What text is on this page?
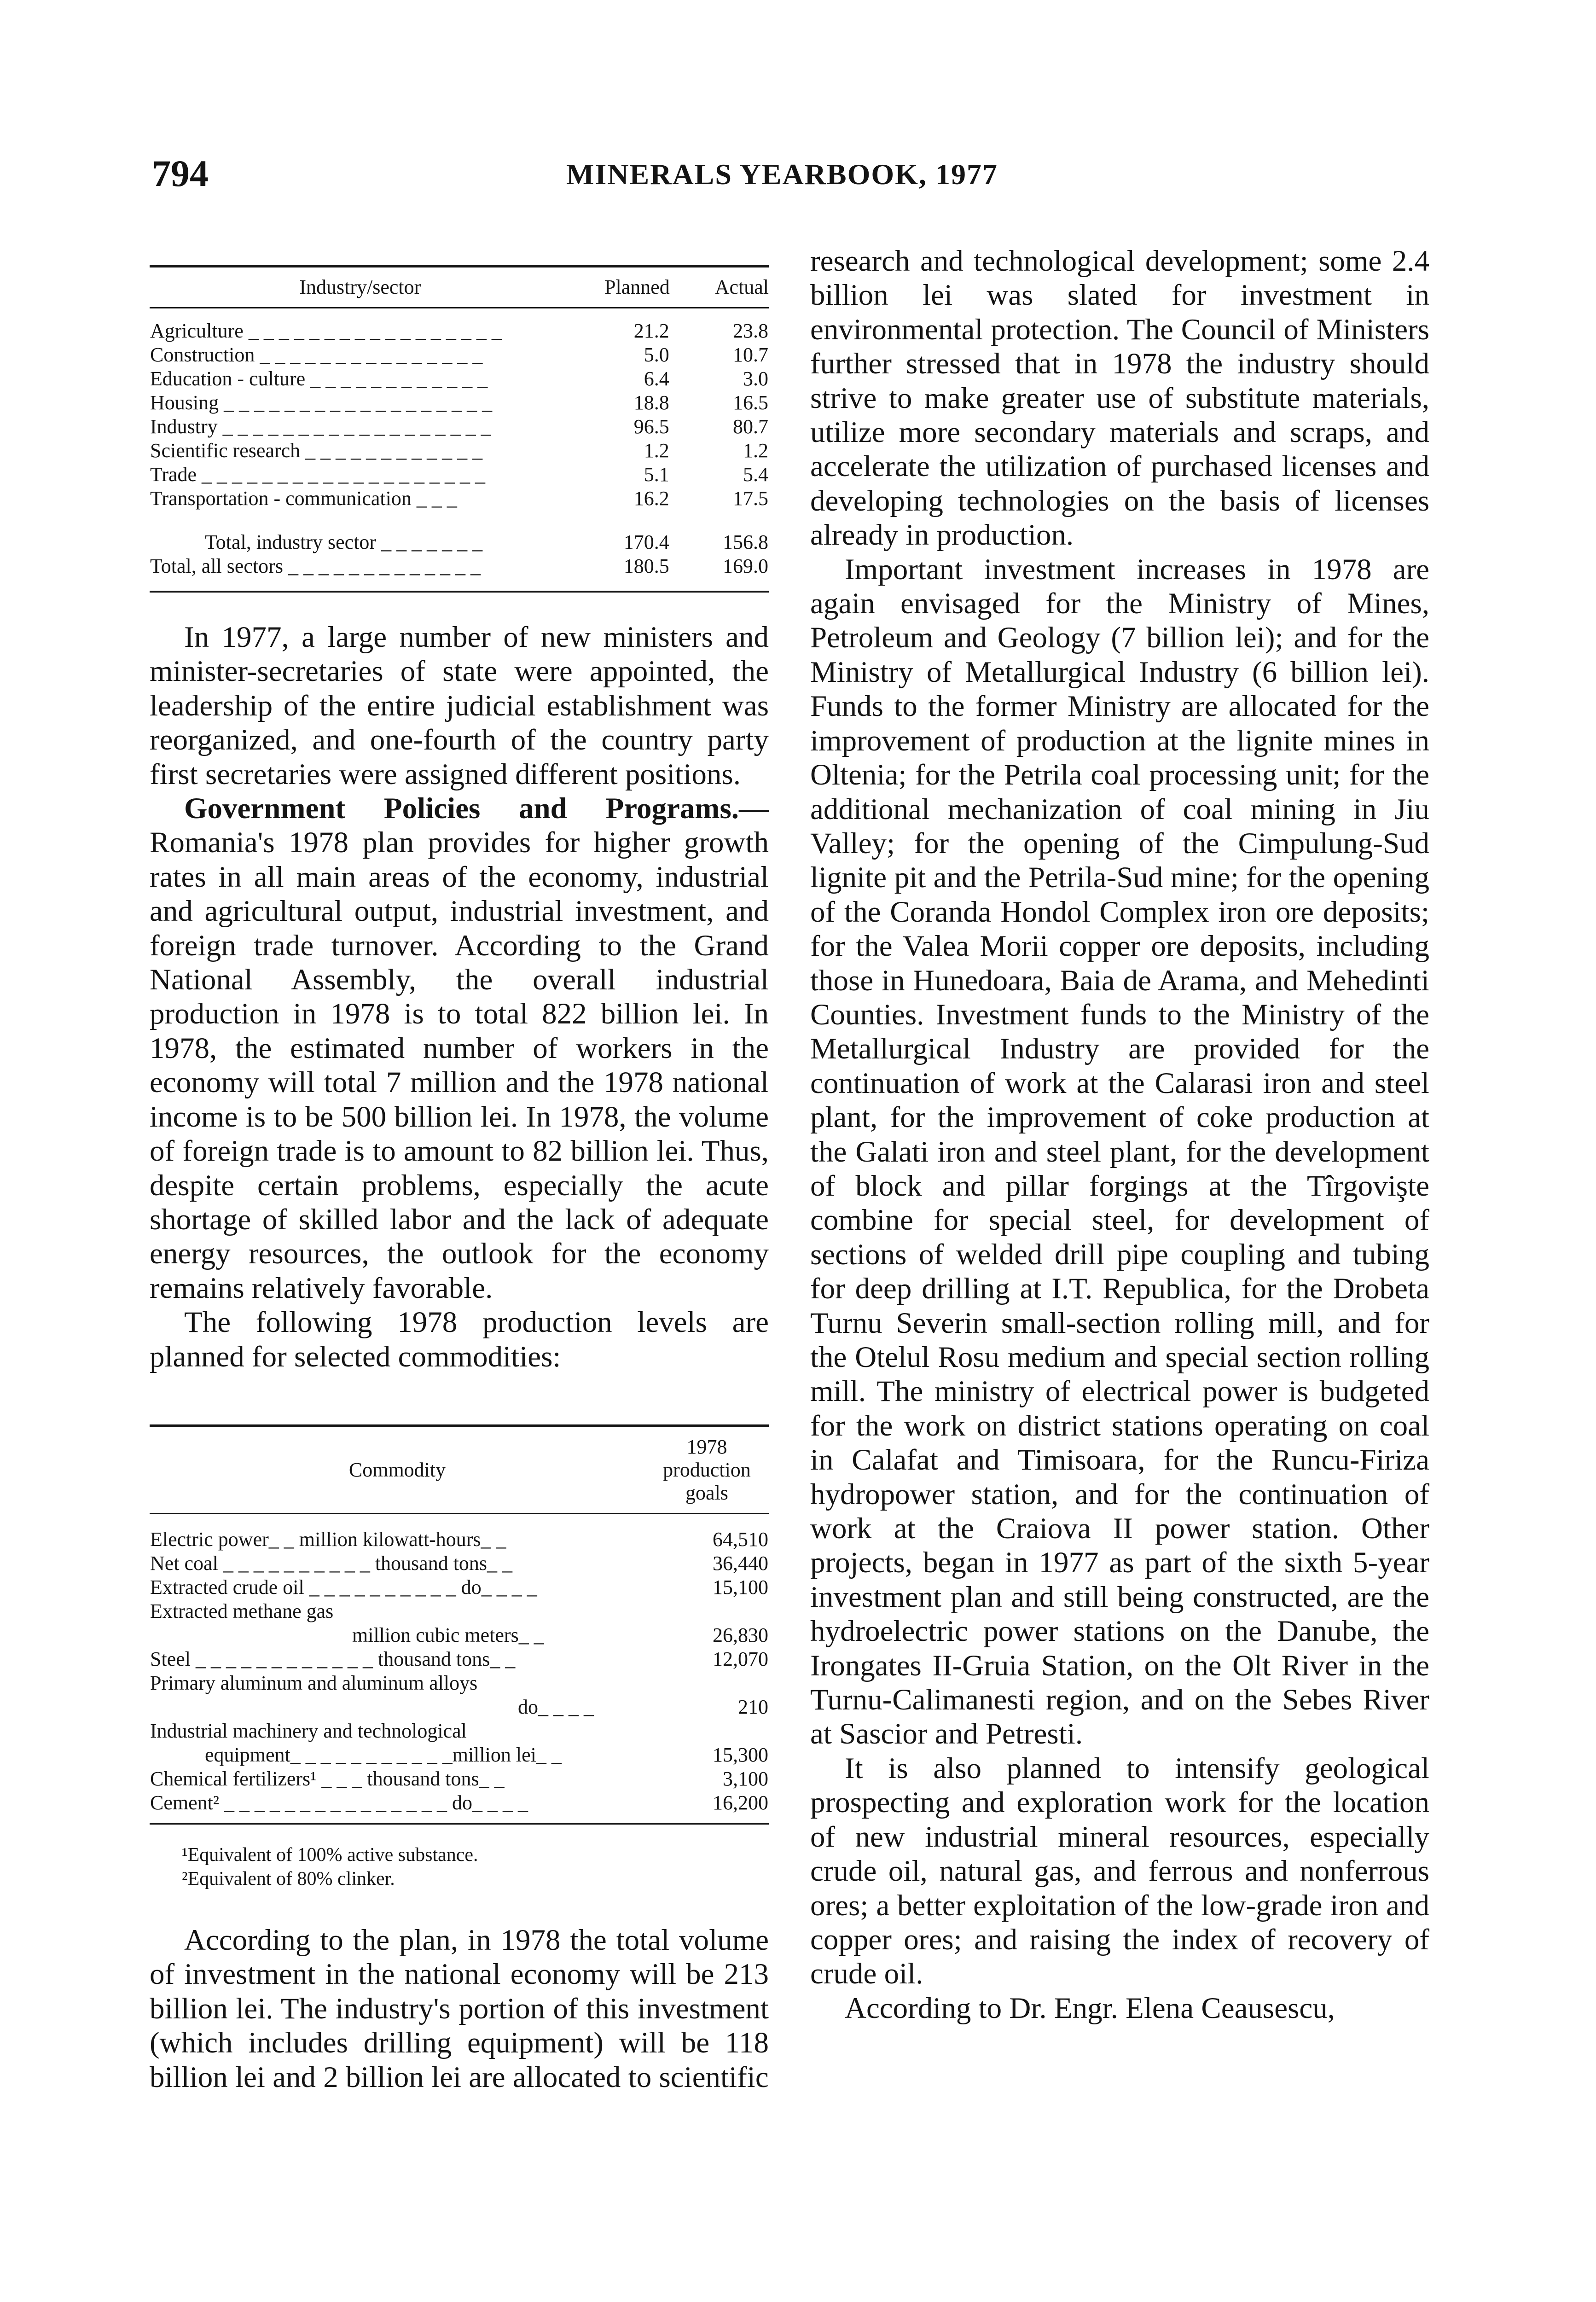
794	MINERALS YEARBOOK, 1977
Industry/sector	Planned	Actual
Agriculture _ _ _ _ _ _ _ _ _ _ _ _ _ _ _ _ _	21.2	23.8
Construction _ _ _ _ _ _ _ _ _ _ _ _ _ _ _	5.0	10.7
Education - culture _ _ _ _ _ _ _ _ _ _ _ _	6.4	3.0
Housing _ _ _ _ _ _ _ _ _ _ _ _ _ _ _ _ _ _	18.8	16.5
Industry _ _ _ _ _ _ _ _ _ _ _ _ _ _ _ _ _ _	96.5	80.7
Scientific research _ _ _ _ _ _ _ _ _ _ _ _	1.2	1.2
Trade _ _ _ _ _ _ _ _ _ _ _ _ _ _ _ _ _ _ _	5.1	5.4
Transportation - communication _ _ _	16.2	17.5
Total, industry sector _ _ _ _ _ _ _	170.4	156.8
Total, all sectors _ _ _ _ _ _ _ _ _ _ _ _ _	180.5	169.0

In 1977, a large number of new ministers and minister-secretaries of state were appointed, the leadership of the entire judicial establishment was reorganized, and one-fourth of the country party first secretaries were assigned different positions.

Government Policies and Programs.— Romania's 1978 plan provides for higher growth rates in all main areas of the economy, industrial and agricultural output, industrial investment, and foreign trade turnover. According to the Grand National Assembly, the overall industrial production in 1978 is to total 822 billion lei. In 1978, the estimated number of workers in the economy will total 7 million and the 1978 national income is to be 500 billion lei. In 1978, the volume of foreign trade is to amount to 82 billion lei. Thus, despite certain problems, especially the acute shortage of skilled labor and the lack of adequate energy resources, the outlook for the economy remains relatively favorable.

The following 1978 production levels are planned for selected commodities:

Commodity	1978
production
goals
Electric power_ _ million kilowatt-hours_ _	64,510
Net coal _ _ _ _ _ _ _ _ _ _ thousand tons_ _	36,440
Extracted crude oil _ _ _ _ _ _ _ _ _ _ do_ _ _ _	15,100
Extracted methane gas	
million cubic meters_ _	26,830
Steel _ _ _ _ _ _ _ _ _ _ _ _ thousand tons_ _	12,070
Primary aluminum and aluminum alloys	
do_ _ _ _	210
Industrial machinery and technological	
equipment_ _ _ _ _ _ _ _ _ _ _million lei_ _	15,300
Chemical fertilizers¹ _ _ _ thousand tons_ _	3,100
Cement² _ _ _ _ _ _ _ _ _ _ _ _ _ _ _ do_ _ _ _	16,200

¹Equivalent of 100% active substance.

²Equivalent of 80% clinker.

According to the plan, in 1978 the total volume of investment in the national economy will be 213 billion lei. The industry's portion of this investment (which includes drilling equipment) will be 118 billion lei and 2 billion lei are allocated to scientific

research and technological development; some 2.4 billion lei was slated for investment in environmental protection. The Council of Ministers further stressed that in 1978 the industry should strive to make greater use of substitute materials, utilize more secondary materials and scraps, and accelerate the utilization of purchased licenses and developing technologies on the basis of licenses already in production.

Important investment increases in 1978 are again envisaged for the Ministry of Mines, Petroleum and Geology (7 billion lei); and for the Ministry of Metallurgical Industry (6 billion lei). Funds to the former Ministry are allocated for the improvement of production at the lignite mines in Oltenia; for the Petrila coal processing unit; for the additional mechanization of coal mining in Jiu Valley; for the opening of the Cimpulung-Sud lignite pit and the Petrila-Sud mine; for the opening of the Coranda Hondol Complex iron ore deposits; for the Valea Morii copper ore deposits, including those in Hunedoara, Baia de Arama, and Mehedinti Counties. Investment funds to the Ministry of the Metallurgical Industry are provided for the continuation of work at the Calarasi iron and steel plant, for the improvement of coke production at the Galati iron and steel plant, for the development of block and pillar forgings at the Tîrgovişte combine for special steel, for development of sections of welded drill pipe coupling and tubing for deep drilling at I.T. Republica, for the Drobeta Turnu Severin small-section rolling mill, and for the Otelul Rosu medium and special section rolling mill. The ministry of electrical power is budgeted for the work on district stations operating on coal in Calafat and Timisoara, for the Runcu-Firiza hydropower station, and for the continuation of work at the Craiova II power station. Other projects, began in 1977 as part of the sixth 5-year investment plan and still being constructed, are the hydroelectric power stations on the Danube, the Irongates II-Gruia Station, on the Olt River in the Turnu-Calimanesti region, and on the Sebes River at Sascior and Petresti.

It is also planned to intensify geological prospecting and exploration work for the location of new industrial mineral resources, especially crude oil, natural gas, and ferrous and nonferrous ores; a better exploitation of the low-grade iron and copper ores; and raising the index of recovery of crude oil.

According to Dr. Engr. Elena Ceausescu,
